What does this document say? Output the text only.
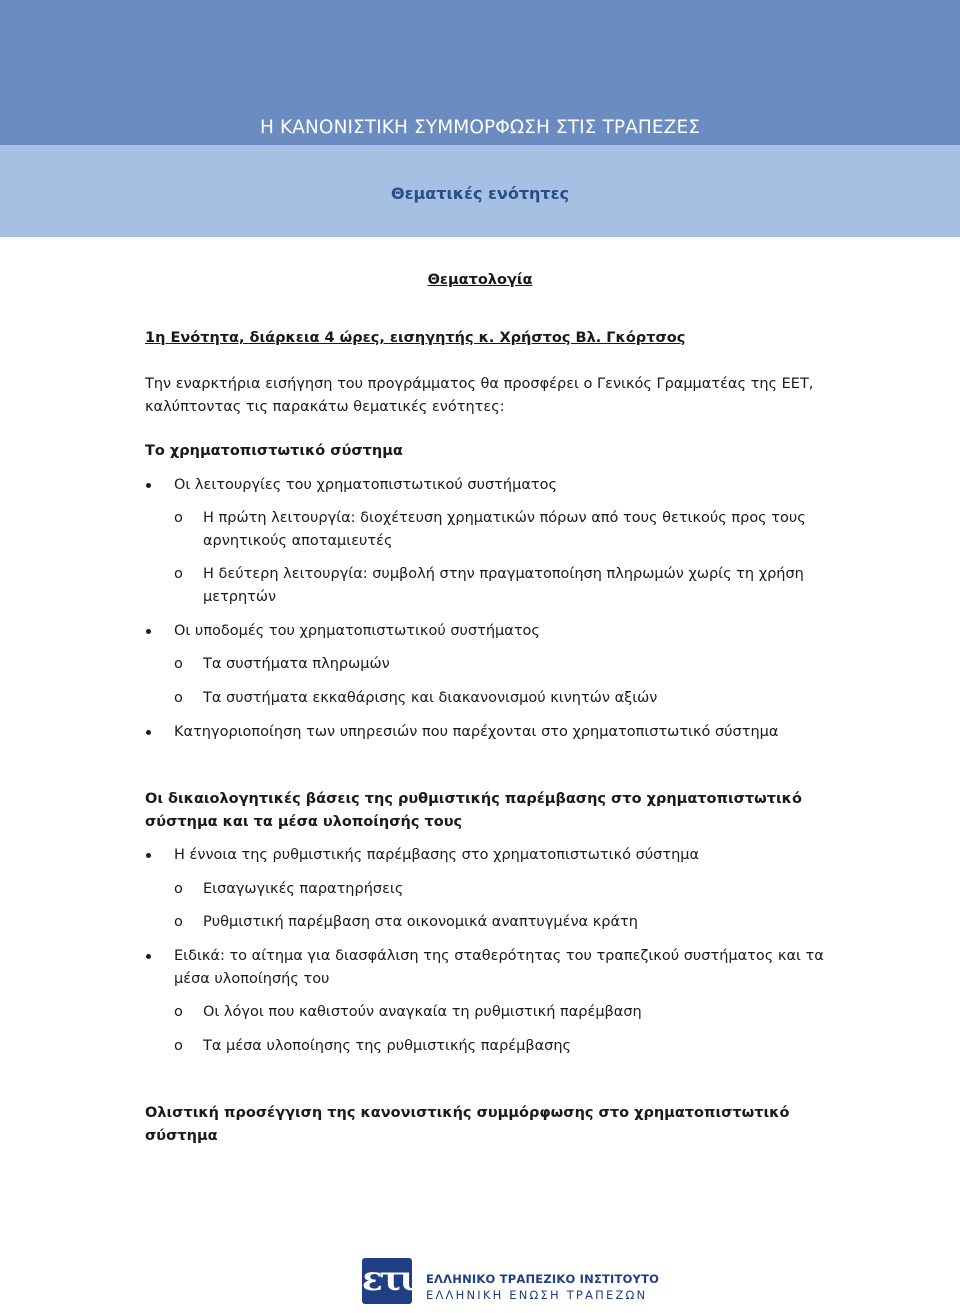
Η ΚΑΝΟΝΙΣΤΙΚΗ ΣΥΜΜΟΡΦΩΣΗ ΣΤΙΣ ΤΡΑΠΕΖΕΣ
Θεματικές ενότητες
Θεματολογία
1η Ενότητα, διάρκεια 4 ώρες, εισηγητής κ. Χρήστος Βλ. Γκόρτσος
Την εναρκτήρια εισήγηση του προγράμματος θα προσφέρει ο Γενικός Γραμματέας της ΕΕΤ,
καλύπτοντας τις παρακάτω θεματικές ενότητες:
Το χρηματοπιστωτικό σύστημα
Οι λειτουργίες του χρηματοπιστωτικού συστήματος
o	Η πρώτη λειτουργία: διοχέτευση χρηματικών πόρων από τους θετικούς προς τους
αρνητικούς αποταμιευτές
o	Η δεύτερη λειτουργία: συμβολή στην πραγματοποίηση πληρωμών χωρίς τη χρήση
μετρητών
Οι υποδομές του χρηματοπιστωτικού συστήματος
o	Τα συστήματα πληρωμών
o	Τα συστήματα εκκαθάρισης και διακανονισμού κινητών αξιών
Κατηγοριοποίηση των υπηρεσιών που παρέχονται στο χρηματοπιστωτικό σύστημα
Οι δικαιολογητικές βάσεις της ρυθμιστικής παρέμβασης στο χρηματοπιστωτικό
σύστημα και τα μέσα υλοποίησής τους
Η έννοια της ρυθμιστικής παρέμβασης στο χρηματοπιστωτικό σύστημα
o	Εισαγωγικές παρατηρήσεις
o	Ρυθμιστική παρέμβαση στα οικονομικά αναπτυγμένα κράτη
Ειδικά: το αίτημα για διασφάλιση της σταθερότητας του τραπεζικού συστήματος και τα
μέσα υλοποίησής του
o	Οι λόγοι που καθιστούν αναγκαία τη ρυθμιστική παρέμβαση
o	Τα μέσα υλοποίησης της ρυθμιστικής παρέμβασης
Ολιστική προσέγγιση της κανονιστικής συμμόρφωσης στο χρηματοπιστωτικό
σύστημα
ετι ΕΛΛΗΝΙΚΟ ΤΡΑΠΕΖΙΚΟ ΙΝΣΤΙΤΟΥΤΟ
ΕΛΛΗΝΙΚΗ ΕΝΩΣΗ ΤΡΑΠΕΖΩΝ
